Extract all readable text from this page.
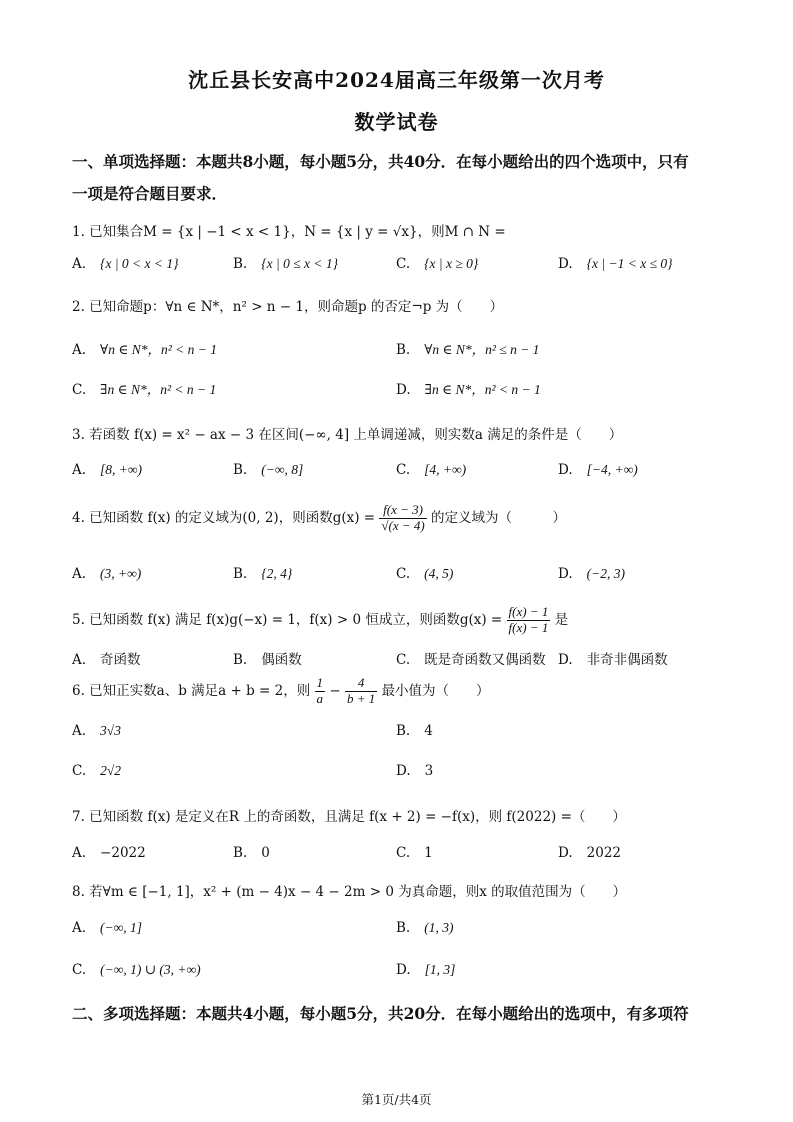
沈丘县长安高中2024届高三年级第一次月考
数学试卷
一、单项选择题：本题共8小题，每小题5分，共40分．在每小题给出的四个选项中，只有
一项是符合题目要求．
1. 已知集合M = {x | −1 < x < 1}，N = {x | y = √x}，则M ∩ N =
A. {x | 0 < x < 1}	B. {x | 0 ≤ x < 1}	C. {x | x ≥ 0}	D. {x | −1 < x ≤ 0}
2. 已知命题p：∀n ∈ N*，n² > n − 1，则命题p 的否定¬p 为（　　）
A. ∀n ∈ N*，n² < n − 1	B. ∀n ∈ N*，n² ≤ n − 1
C. ∃n ∈ N*，n² < n − 1	D. ∃n ∈ N*，n² < n − 1
3. 若函数 f(x) = x² − ax − 3 在区间(−∞, 4] 上单调递减，则实数a 满足的条件是（　　）
A. [8, +∞)	B. (−∞, 8]	C. [4, +∞)	D. [−4, +∞)
4. 已知函数 f(x) 的定义域为(0, 2)，则函数$g(x) = \frac{f(x - 3)}{√(x - 4)}$ 的定义域为（　　　）
A. (3, +∞)	B. {2, 4}	C. (4, 5)	D. (−2, 3)
5. 已知函数 f(x) 满足 f(x)g(−x) = 1，f(x) > 0 恒成立，则函数$g(x) = \frac{f(x) - 1}{f(x) - 1}$ 是
A. 奇函数	B. 偶函数	C. 既是奇函数又偶函数 D. 非奇非偶函数
6. 已知正实数a、b 满足a + b = 2，则 $\frac{1}{a} - \frac{4}{b + 1}$ 最小值为（　　）
A. 3√3	B. 4
C. 2√2	D. 3
7. 已知函数 f(x) 是定义在R 上的奇函数，且满足 f(x + 2) = −f(x)，则 f(2022) =（　　）
A. −2022	B. 0	C. 1	D. 2022
8. 若∀m ∈ [−1, 1]，x² + (m − 4)x − 4 − 2m > 0 为真命题，则x 的取值范围为（　　）
A. (−∞, 1]	B. (1, 3)
C. (−∞, 1) ∪ (3, +∞)	D. [1, 3]
二、多项选择题：本题共4小题，每小题5分，共20分．在每小题给出的选项中，有多项符
第1页/共4页
